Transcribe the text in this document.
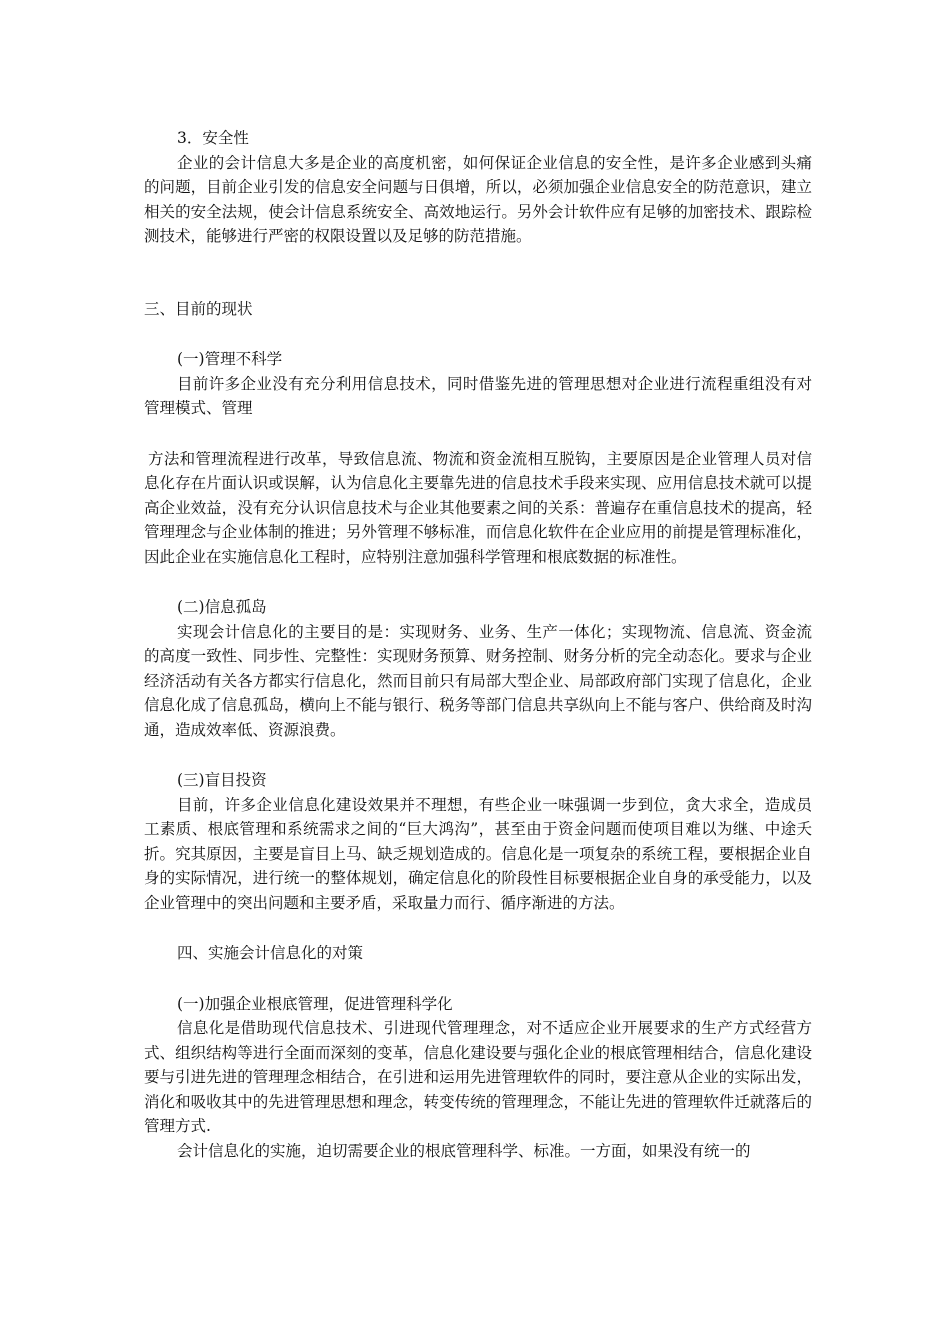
3．安全性

企业的会计信息大多是企业的高度机密，如何保证企业信息的安全性，是许多企业感到头痛的问题，目前企业引发的信息安全问题与日俱增，所以，必须加强企业信息安全的防范意识，建立相关的安全法规，使会计信息系统安全、高效地运行。另外会计软件应有足够的加密技术、跟踪检测技术，能够进行严密的权限设置以及足够的防范措施。

三、目前的现状

(一)管理不科学

目前许多企业没有充分利用信息技术，同时借鉴先进的管理思想对企业进行流程重组没有对管理模式、管理

方法和管理流程进行改革，导致信息流、物流和资金流相互脱钩，主要原因是企业管理人员对信息化存在片面认识或误解，认为信息化主要靠先进的信息技术手段来实现、应用信息技术就可以提高企业效益，没有充分认识信息技术与企业其他要素之间的关系：普遍存在重信息技术的提高，轻管理理念与企业体制的推进；另外管理不够标准，而信息化软件在企业应用的前提是管理标准化，因此企业在实施信息化工程时，应特别注意加强科学管理和根底数据的标准性。

(二)信息孤岛

实现会计信息化的主要目的是：实现财务、业务、生产一体化；实现物流、信息流、资金流的高度一致性、同步性、完整性：实现财务预算、财务控制、财务分析的完全动态化。要求与企业经济活动有关各方都实行信息化，然而目前只有局部大型企业、局部政府部门实现了信息化，企业信息化成了信息孤岛，横向上不能与银行、税务等部门信息共享纵向上不能与客户、供给商及时沟通，造成效率低、资源浪费。

(三)盲目投资

目前，许多企业信息化建设效果并不理想，有些企业一味强调一步到位，贪大求全，造成员工素质、根底管理和系统需求之间的“巨大鸿沟”，甚至由于资金问题而使项目难以为继、中途夭折。究其原因，主要是盲目上马、缺乏规划造成的。信息化是一项复杂的系统工程，要根据企业自身的实际情况，进行统一的整体规划，确定信息化的阶段性目标要根据企业自身的承受能力，以及企业管理中的突出问题和主要矛盾，采取量力而行、循序渐进的方法。

四、实施会计信息化的对策

(一)加强企业根底管理，促进管理科学化

信息化是借助现代信息技术、引进现代管理理念，对不适应企业开展要求的生产方式经营方式、组织结构等进行全面而深刻的变革，信息化建设要与强化企业的根底管理相结合，信息化建设要与引进先进的管理理念相结合，在引进和运用先进管理软件的同时，要注意从企业的实际出发，消化和吸收其中的先进管理思想和理念，转变传统的管理理念，不能让先进的管理软件迁就落后的管理方式.

会计信息化的实施，迫切需要企业的根底管理科学、标准。一方面，如果没有统一的
